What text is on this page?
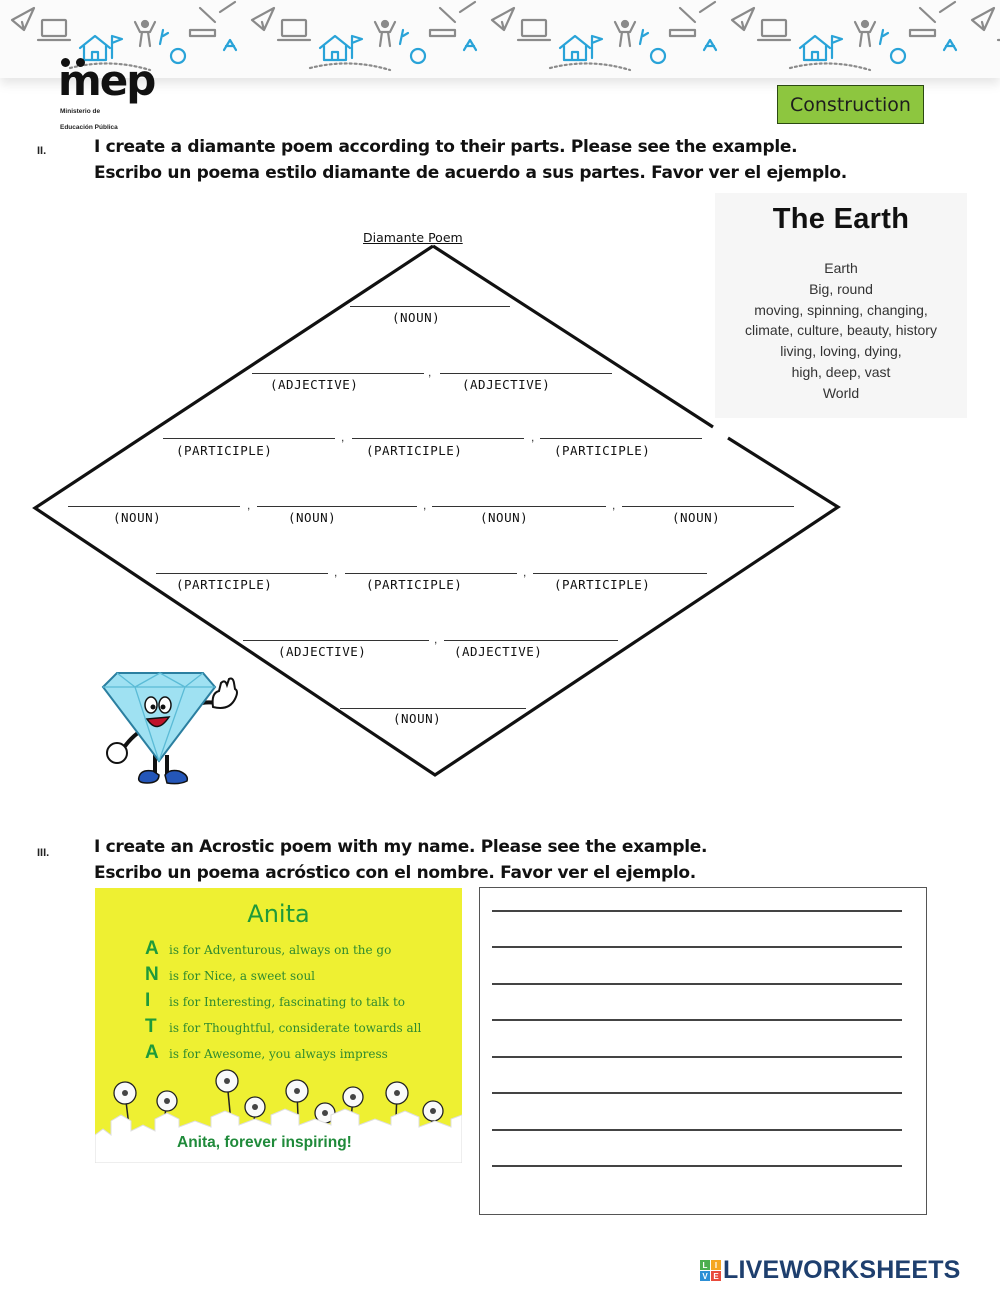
mep

Ministerio de

Educación Pública

Construction
II.	I create a diamante poem according to their parts. Please see the example.
Escribo un poema estilo diamante de acuerdo a sus partes. Favor ver el ejemplo.
Diamante Poem
(NOUN)
,
(ADJECTIVE)	(ADJECTIVE)
,	,
(PARTICIPLE)	(PARTICIPLE)	(PARTICIPLE)
,	,	,
(NOUN)	(NOUN)	(NOUN)	(NOUN)
,	,
(PARTICIPLE)	(PARTICIPLE)	(PARTICIPLE)
,
(ADJECTIVE)	(ADJECTIVE)
(NOUN)
The Earth
Earth
Big, round
moving, spinning, changing,
climate, culture, beauty, history
living, loving, dying,
high, deep, vast
World
III.	I create an Acrostic poem with my name. Please see the example.
Escribo un poema acróstico con el nombre. Favor ver el ejemplo.
Anita
A is for Adventurous, always on the go
N is for Nice, a sweet soul
I	is for Interesting, fascinating to talk to
T	is for Thoughtful, considerate towards all
A is for Awesome, you always impress
Anita, forever inspiring!
L I
V E LIVEWORKSHEETS
